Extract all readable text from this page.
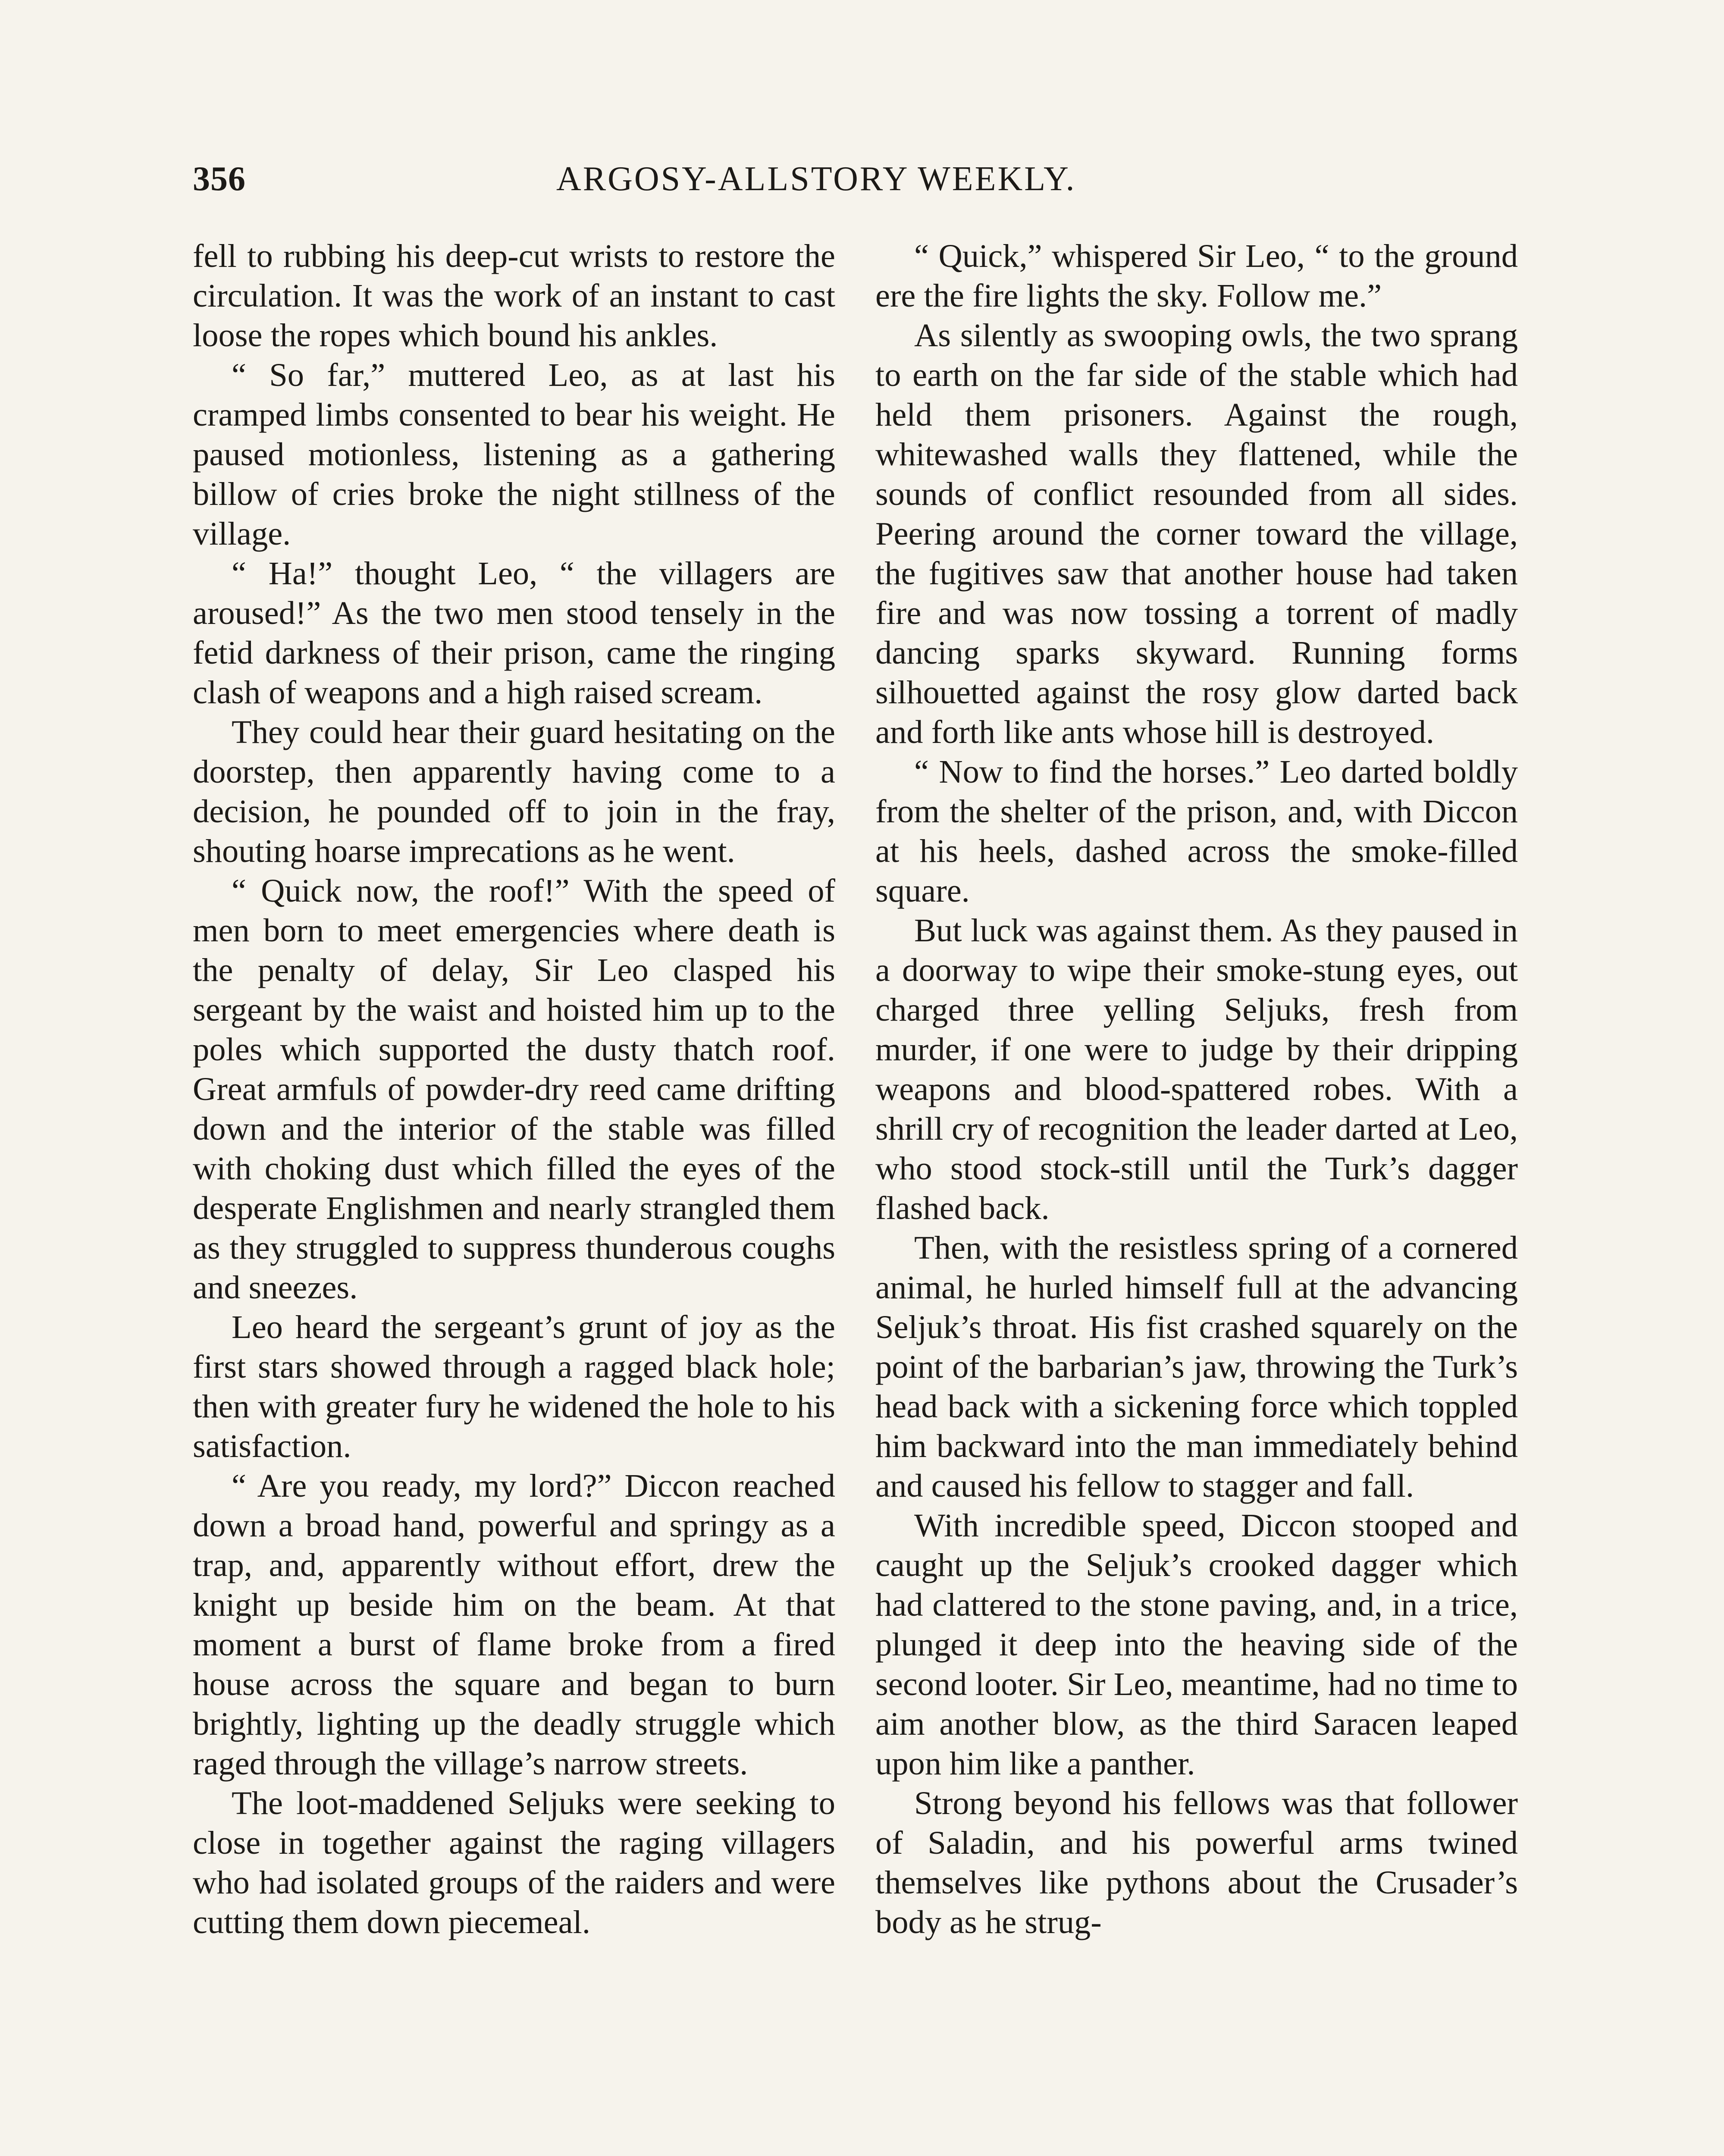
356	ARGOSY-ALLSTORY WEEKLY.

fell to rubbing his deep-cut wrists to restore the circulation. It was the work of an instant to cast loose the ropes which bound his ankles.

“ So far,” muttered Leo, as at last his cramped limbs consented to bear his weight. He paused motionless, listening as a gathering billow of cries broke the night stillness of the village.

“ Ha!” thought Leo, “ the villagers are aroused!” As the two men stood tensely in the fetid darkness of their prison, came the ringing clash of weapons and a high raised scream.

They could hear their guard hesitating on the doorstep, then apparently having come to a decision, he pounded off to join in the fray, shouting hoarse imprecations as he went.

“ Quick now, the roof!” With the speed of men born to meet emergencies where death is the penalty of delay, Sir Leo clasped his sergeant by the waist and hoisted him up to the poles which supported the dusty thatch roof. Great armfuls of powder-dry reed came drifting down and the interior of the stable was filled with choking dust which filled the eyes of the desperate Englishmen and nearly strangled them as they struggled to suppress thunderous coughs and sneezes.

Leo heard the sergeant’s grunt of joy as the first stars showed through a ragged black hole; then with greater fury he widened the hole to his satisfaction.

“ Are you ready, my lord?” Diccon reached down a broad hand, powerful and springy as a trap, and, apparently without effort, drew the knight up beside him on the beam. At that moment a burst of flame broke from a fired house across the square and began to burn brightly, lighting up the deadly struggle which raged through the village’s narrow streets.

The loot-maddened Seljuks were seeking to close in together against the raging villagers who had isolated groups of the raiders and were cutting them down piecemeal.

“ Quick,” whispered Sir Leo, “ to the ground ere the fire lights the sky. Follow me.”

As silently as swooping owls, the two sprang to earth on the far side of the stable which had held them prisoners. Against the rough, whitewashed walls they flattened, while the sounds of conflict resounded from all sides. Peering around the corner toward the village, the fugitives saw that another house had taken fire and was now tossing a torrent of madly dancing sparks skyward. Running forms silhouetted against the rosy glow darted back and forth like ants whose hill is destroyed.

“ Now to find the horses.” Leo darted boldly from the shelter of the prison, and, with Diccon at his heels, dashed across the smoke-filled square.

But luck was against them. As they paused in a doorway to wipe their smoke-stung eyes, out charged three yelling Seljuks, fresh from murder, if one were to judge by their dripping weapons and blood-spattered robes. With a shrill cry of recognition the leader darted at Leo, who stood stock-still until the Turk’s dagger flashed back.

Then, with the resistless spring of a cornered animal, he hurled himself full at the advancing Seljuk’s throat. His fist crashed squarely on the point of the barbarian’s jaw, throwing the Turk’s head back with a sickening force which toppled him backward into the man immediately behind and caused his fellow to stagger and fall.

With incredible speed, Diccon stooped and caught up the Seljuk’s crooked dagger which had clattered to the stone paving, and, in a trice, plunged it deep into the heaving side of the second looter. Sir Leo, meantime, had no time to aim another blow, as the third Saracen leaped upon him like a panther.

Strong beyond his fellows was that follower of Saladin, and his powerful arms twined themselves like pythons about the Crusader’s body as he strug-
